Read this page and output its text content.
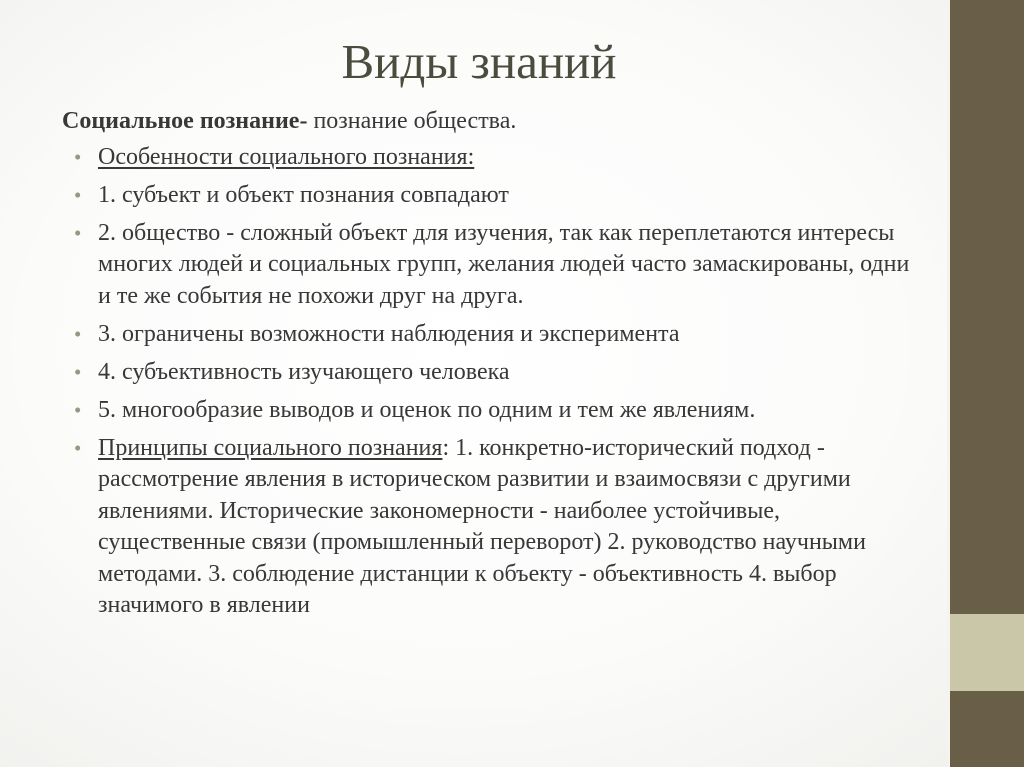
Виды знаний

Социальное познание- познание общества.

• Особенности социального познания:
• 1. субъект и объект познания совпадают
• 2. общество - сложный объект для изучения, так как переплетаются интересы многих людей и социальных групп, желания людей часто замаскированы, одни и те же события не похожи друг на друга.
• 3. ограничены возможности наблюдения и эксперимента
• 4. субъективность изучающего человека
• 5. многообразие выводов и оценок по одним и тем же явлениям.
• Принципы социального познания: 1. конкретно-исторический подход - рассмотрение явления в историческом развитии и взаимосвязи с другими явлениями. Исторические закономерности - наиболее устойчивые, существенные связи (промышленный переворот) 2. руководство научными методами. 3. соблюдение дистанции к объекту - объективность 4. выбор значимого в явлении
